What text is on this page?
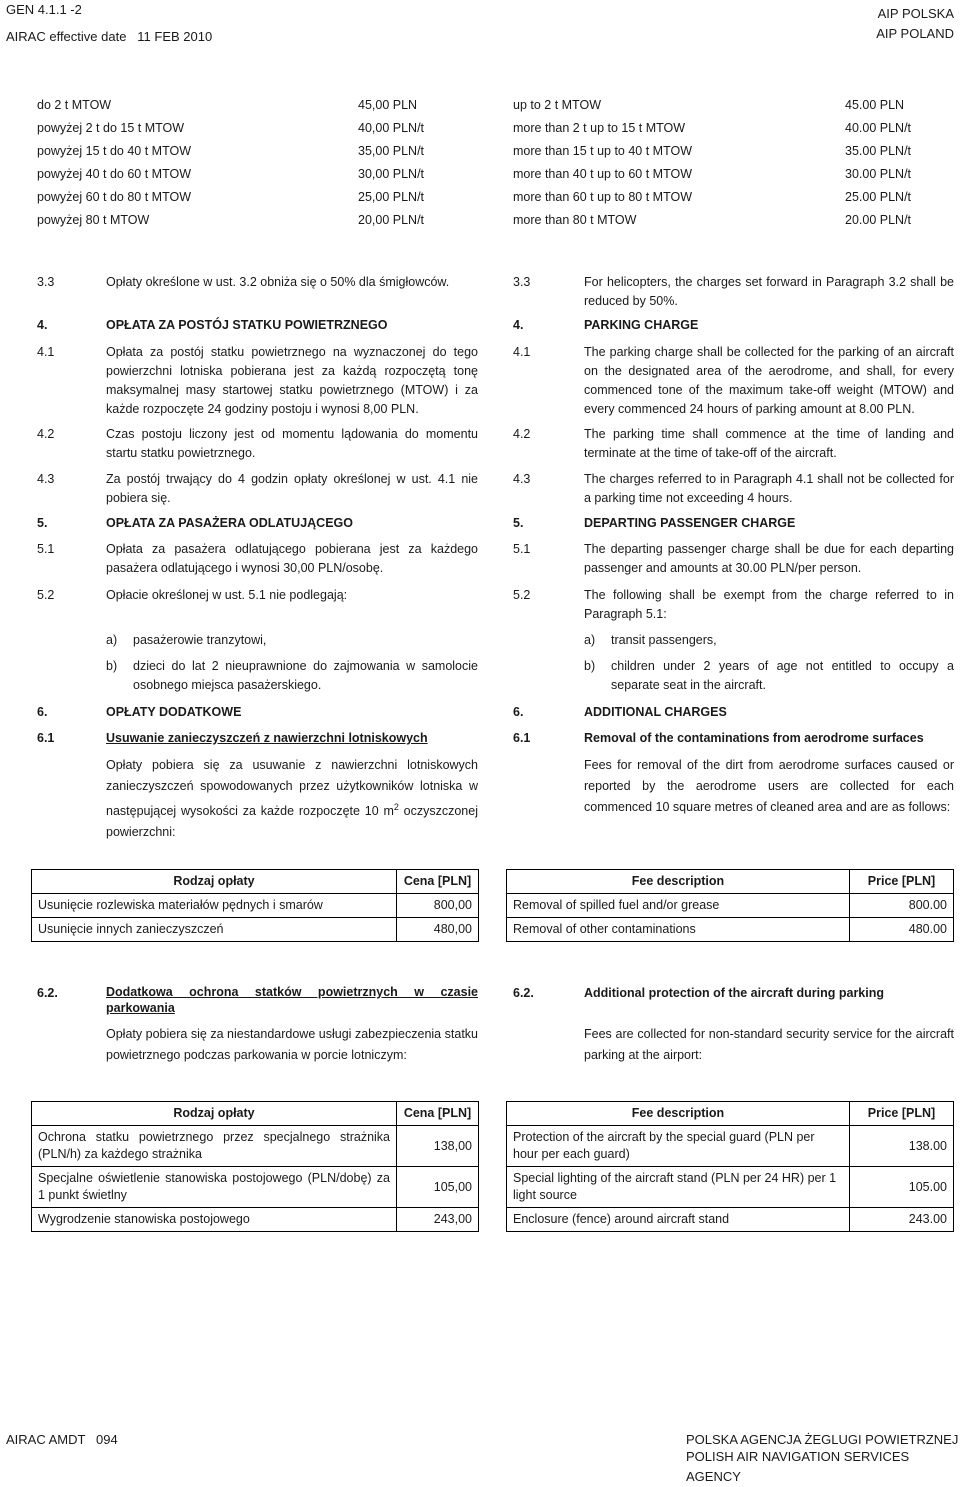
GEN 4.1.1 -2
AIRAC effective date 11 FEB 2010
AIP POLSKA
AIP POLAND
do 2 t MTOW	45,00 PLN
powyżej 2 t do 15 t MTOW	40,00 PLN/t
powyżej 15 t do 40 t MTOW	35,00 PLN/t
powyżej 40 t do 60 t MTOW	30,00 PLN/t
powyżej 60 t do 80 t MTOW	25,00 PLN/t
powyżej 80 t MTOW	20,00 PLN/t
up to 2 t MTOW	45.00 PLN
more than 2 t up to 15 t MTOW	40.00 PLN/t
more than 15 t up to 40 t MTOW	35.00 PLN/t
more than 40 t up to 60 t MTOW	30.00 PLN/t
more than 60 t up to 80 t MTOW	25.00 PLN/t
more than 80 t MTOW	20.00 PLN/t
3.3	Opłaty określone w ust. 3.2 obniża się o 50% dla śmigłowców.
4.	OPŁATA ZA POSTÓJ STATKU POWIETRZNEGO
4.1	Opłata za postój statku powietrznego na wyznaczonej do tego powierzchni lotniska pobierana jest za każdą rozpoczętą tonę maksymalnej masy startowej statku powietrznego (MTOW) i za każde rozpoczęte 24 godziny postoju i wynosi 8,00 PLN.
4.2	Czas postoju liczony jest od momentu lądowania do momentu startu statku powietrznego.
4.3	Za postój trwający do 4 godzin opłaty określonej w ust. 4.1 nie pobiera się.
5.	OPŁATA ZA PASAŻERA ODLATUJĄCEGO
5.1	Opłata za pasażera odlatującego pobierana jest za każdego pasażera odlatującego i wynosi 30,00 PLN/osobę.
5.2	Opłacie określonej w ust. 5.1 nie podlegają:
a) pasażerowie tranzytowi,
b) dzieci do lat 2 nieuprawnione do zajmowania w samolocie osobnego miejsca pasażerskiego.
6.	OPŁATY DODATKOWE
6.1	Usuwanie zanieczyszczeń z nawierzchni lotniskowych
Opłaty pobiera się za usuwanie z nawierzchni lotniskowych zanieczyszczeń spowodowanych przez użytkowników lotniska w następującej wysokości za każde rozpoczęte 10 $m^2$ oczyszczonej powierzchni:
3.3	For helicopters, the charges set forward in Paragraph 3.2 shall be reduced by 50%.
4.	PARKING CHARGE
4.1	The parking charge shall be collected for the parking of an aircraft on the designated area of the aerodrome, and shall, for every commenced tone of the maximum take-off weight (MTOW) and every commenced 24 hours of parking amount at 8.00 PLN.
4.2	The parking time shall commence at the time of landing and terminate at the time of take-off of the aircraft.
4.3	The charges referred to in Paragraph 4.1 shall not be collected for a parking time not exceeding 4 hours.
5.	DEPARTING PASSENGER CHARGE
5.1	The departing passenger charge shall be due for each departing passenger and amounts at 30.00 PLN/per person.
5.2	The following shall be exempt from the charge referred to in Paragraph 5.1:
a) transit passengers,
b) children under 2 years of age not entitled to occupy a separate seat in the aircraft.
6.	ADDITIONAL CHARGES
6.1	Removal of the contaminations from aerodrome surfaces
Fees for removal of the dirt from aerodrome surfaces caused or reported by the aerodrome users are collected for each commenced 10 square metres of cleaned area and are as follows:
Rodzaj opłaty	Cena [PLN]
Usunięcie rozlewiska materiałów pędnych i smarów	800,00
Usunięcie innych zanieczyszczeń	480,00
Fee description	Price [PLN]
Removal of spilled fuel and/or grease	800.00
Removal of other contaminations	480.00
6.2.	Dodatkowa ochrona statków powietrznych w czasie parkowania
Opłaty pobiera się za niestandardowe usługi zabezpieczenia statku powietrznego podczas parkowania w porcie lotniczym:
6.2.	Additional protection of the aircraft during parking
Fees are collected for non-standard security service for the aircraft parking at the airport:
Rodzaj opłaty	Cena [PLN]
Ochrona statku powietrznego przez specjalnego strażnika (PLN/h) za każdego strażnika	138,00
Specjalne oświetlenie stanowiska postojowego (PLN/dobę) za 1 punkt świetlny	105,00
Wygrodzenie stanowiska postojowego	243,00
Fee description	Price [PLN]
Protection of the aircraft by the special guard (PLN per hour per each guard)	138.00
Special lighting of the aircraft stand (PLN per 24 HR) per 1 light source	105.00
Enclosure (fence) around aircraft stand	243.00
AIRAC AMDT   094	POLSKA AGENCJA ŻEGLUGI POWIETRZNEJ
POLISH AIR NAVIGATION SERVICES AGENCY
